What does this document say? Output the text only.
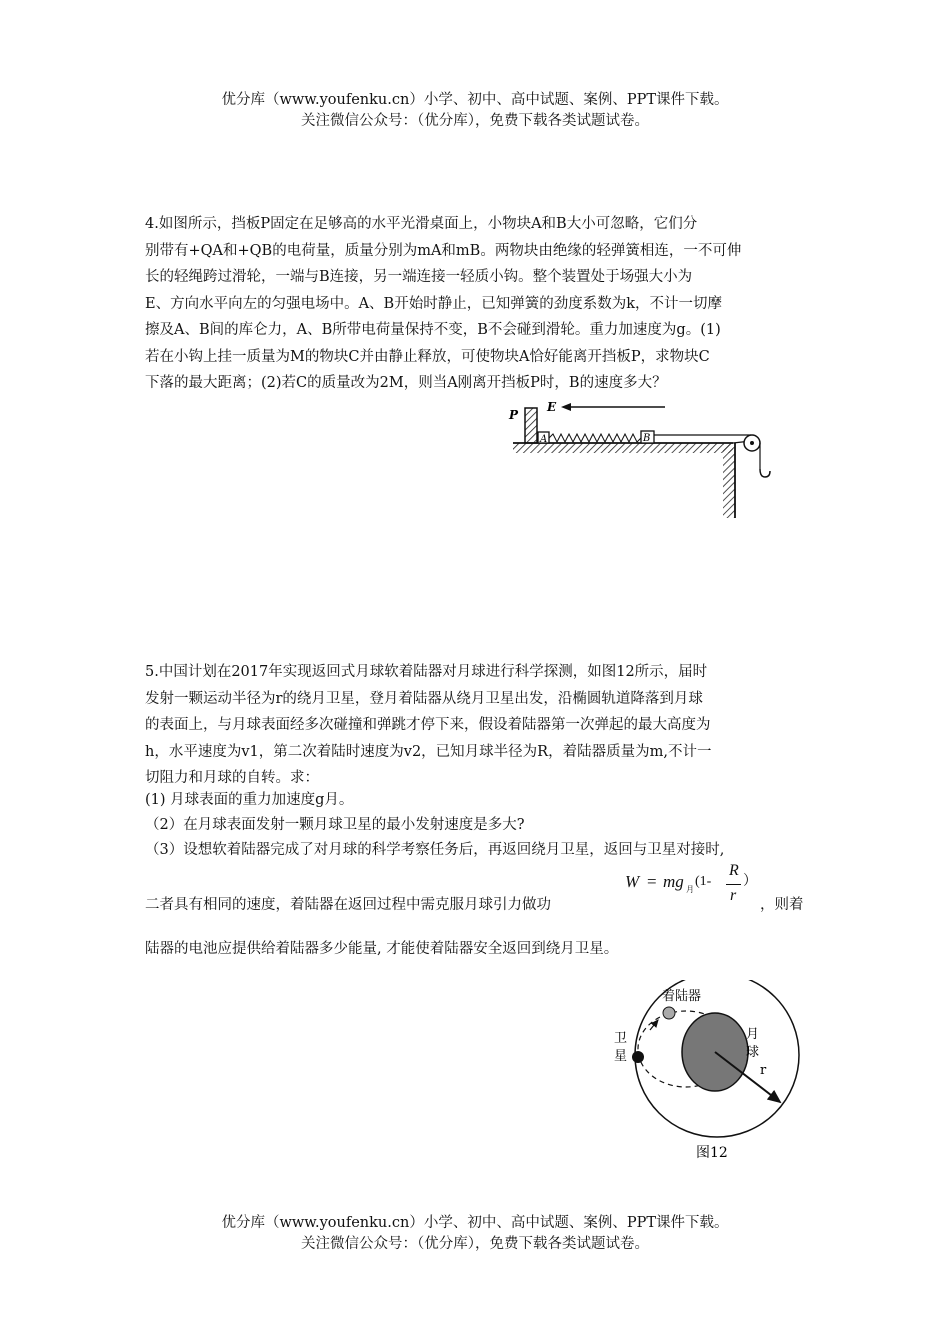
优分库（www.youfenku.cn）小学、初中、高中试题、案例、PPT课件下载。
关注微信公众号：（优分库），免费下载各类试题试卷。
4.如图所示，挡板P固定在足够高的水平光滑桌面上，小物块A和B大小可忽略，它们分
别带有+QA和+QB的电荷量，质量分别为mA和mB。两物块由绝缘的轻弹簧相连，一不可伸
长的轻绳跨过滑轮，一端与B连接，另一端连接一轻质小钩。整个装置处于场强大小为
E、方向水平向左的匀强电场中。A、B开始时静止，已知弹簧的劲度系数为k，不计一切摩
擦及A、B间的库仑力，A、B所带电荷量保持不变，B不会碰到滑轮。重力加速度为g。(1)
若在小钩上挂一质量为M的物块C并由静止释放，可使物块A恰好能离开挡板P，求物块C
下落的最大距离；(2)若C的质量改为2M，则当A刚离开挡板P时，B的速度多大？
P
E
A	B
5.中国计划在2017年实现返回式月球软着陆器对月球进行科学探测，如图12所示，届时
发射一颗运动半径为r的绕月卫星，登月着陆器从绕月卫星出发，沿椭圆轨道降落到月球
的表面上，与月球表面经多次碰撞和弹跳才停下来，假设着陆器第一次弹起的最大高度为
h，水平速度为v1，第二次着陆时速度为v2，已知月球半径为R，着陆器质量为m,不计一
切阻力和月球的自转。求：
(1) 月球表面的重力加速度g月。
（2）在月球表面发射一颗月球卫星的最小发射速度是多大?
（3）设想软着陆器完成了对月球的科学考察任务后，再返回绕月卫星，返回与卫星对接时,
二者具有相同的速度，着陆器在返回过程中需克服月球引力做功
W = mg 月
(1-
R
r
）
，则着
陆器的电池应提供给着陆器多少能量, 才能使着陆器安全返回到绕月卫星。
着陆器
卫
星
月
球
r
图12
优分库（www.youfenku.cn）小学、初中、高中试题、案例、PPT课件下载。
关注微信公众号：（优分库），免费下载各类试题试卷。
